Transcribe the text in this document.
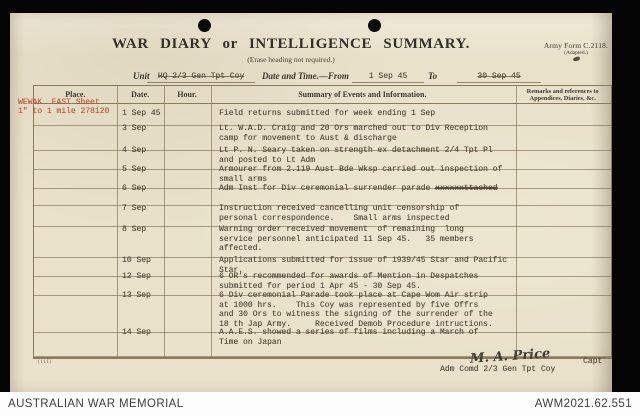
Army Form C.2118.
(Adapted.)
WAR DIARY or INTELLIGENCE SUMMARY.
(Erase heading not required.)
Unit	HQ 2/3 Gen Tpt Coy	Date and Time.—From	1 Sep 45	To	30 Sep 45
Place.	Date.	Hour.	Summary of Events and Information.	Remarks and references to Appendices, Diaries, &c.
1 Sep 45	Field returns submitted for week ending 1 Sep
3 Sep	Lt. W.A.D. Craig and 20 Ors marched out to Div Reception
camp for movement to Aust & discharge
4 Sep	Lt P. N. Seary taken on strength ex detachment 2/4 Tpt Pl
and posted to Lt Adm
5 Sep	Armourer from 2.119 Aust Bde Wksp carried out inspection of
small arms
6 Sep	Adm Inst for Div ceremonial surrender parade xxxxxxttached
7 Sep	Instruction received cancelling unit censorship of
personal correspondence.    Small arms inspected
8 Sep	Warning order received movement  of remaining  long
service personnel anticipated 11 Sep 45.   35 members
affected.
10 Sep	Applications submitted for issue of 1939/45 Star and Pacific
Star.
12 Sep	6 OR's recommended for awards of Mention in Despatches
submitted for period 1 Apr 45 - 30 Sep 45.
13 Sep	6 Div ceremonial Parade took place at Cape Wom Air strip
at 1000 hrs.    This Coy was represented by five Offrs
and 30 Ors to witness the signing of the surrender of the
18 th Jap Army.     Received Demob Procedure intructions.
14 Sep	A.A.E.S. showed a series of films including a March of
Time on Japan
WEWAK  EAST Sheet
1" to 1 mile 278120
(111)	M. A. Price	Capt
Adm Comd 2/3 Gen Tpt Coy
AUSTRALIAN WAR MEMORIAL	AWM2021.62.551
